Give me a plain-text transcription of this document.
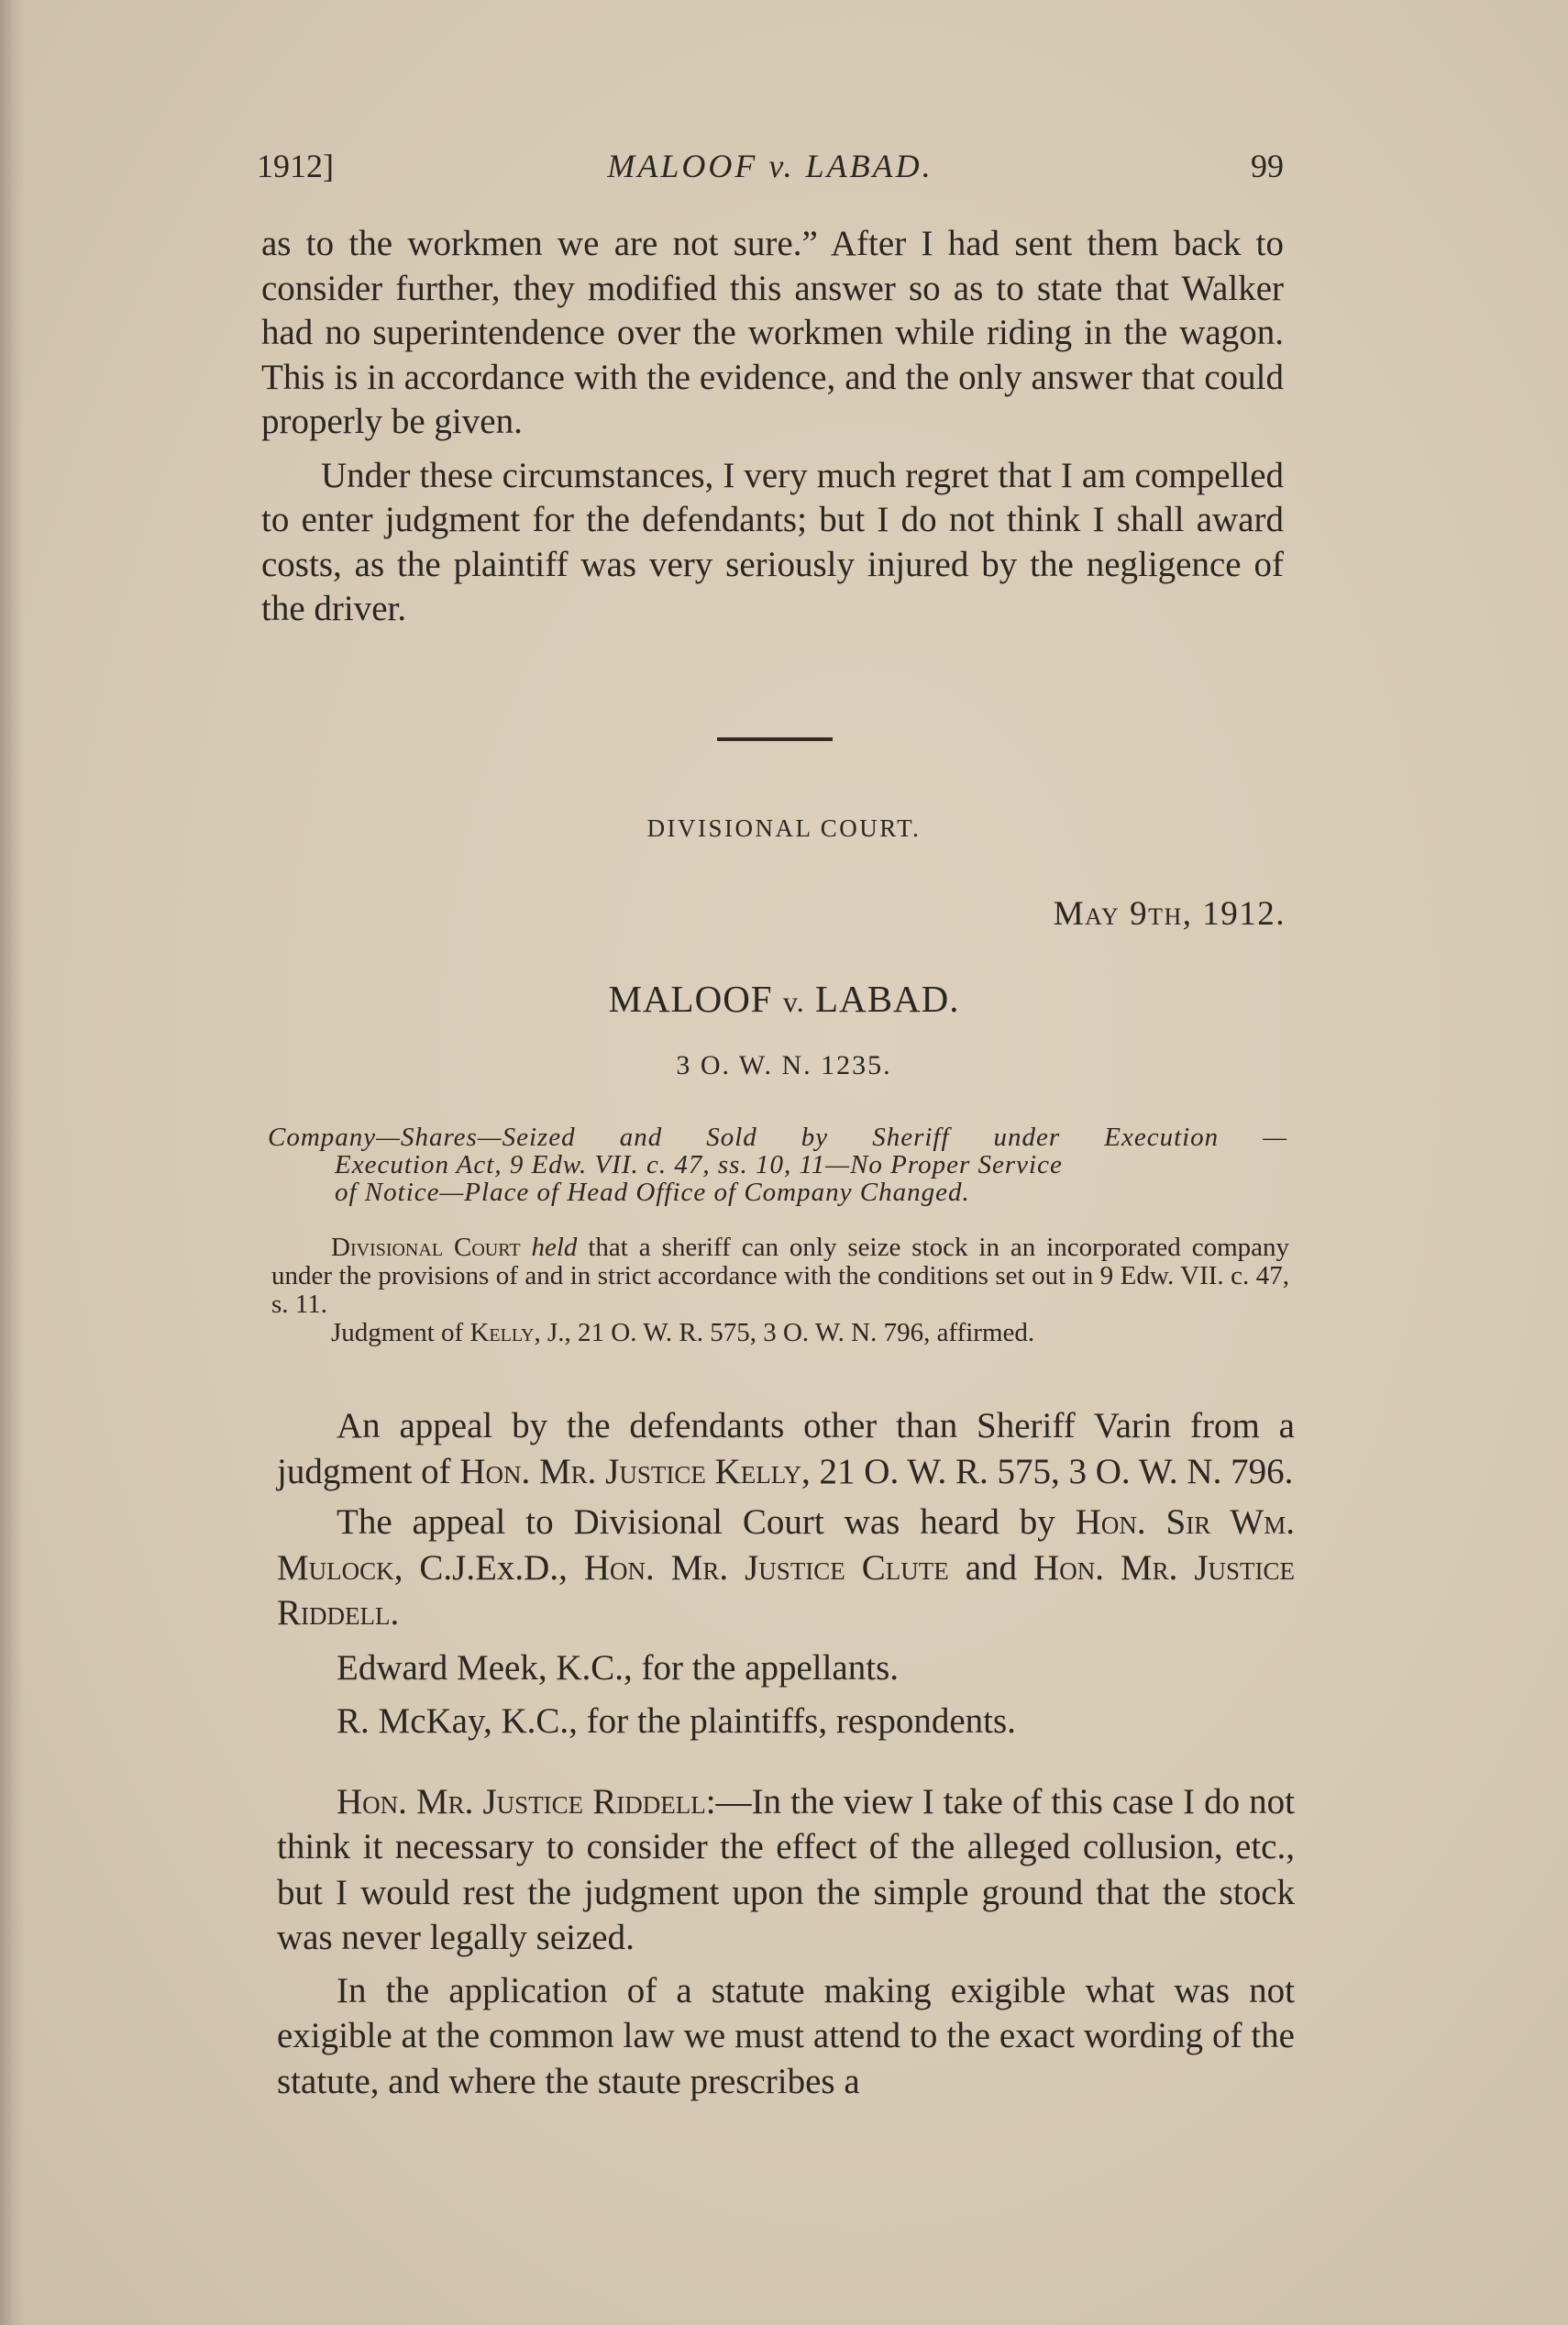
1912]	MALOOF v. LABAD.	99

as to the workmen we are not sure.” After I had sent them back to consider further, they modified this answer so as to state that Walker had no superintendence over the workmen while riding in the wagon. This is in accordance with the evidence, and the only answer that could properly be given.

Under these circumstances, I very much regret that I am compelled to enter judgment for the defendants; but I do not think I shall award costs, as the plaintiff was very seriously injured by the negligence of the driver.

DIVISIONAL COURT.
May 9th, 1912.
MALOOF v. LABAD.
3 O. W. N. 1235.
Company—Shares—Seized and Sold by Sheriff under Execution —
Execution Act, 9 Edw. VII. c. 47, ss. 10, 11—No Proper Service
of Notice—Place of Head Office of Company Changed.

Divisional Court held that a sheriff can only seize stock in an incorporated company under the provisions of and in strict accordance with the conditions set out in 9 Edw. VII. c. 47, s. 11.

Judgment of Kelly, J., 21 O. W. R. 575, 3 O. W. N. 796, affirmed.

An appeal by the defendants other than Sheriff Varin from a judgment of Hon. Mr. Justice Kelly, 21 O. W. R. 575, 3 O. W. N. 796.

The appeal to Divisional Court was heard by Hon. Sir Wm. Mulock, C.J.Ex.D., Hon. Mr. Justice Clute and Hon. Mr. Justice Riddell.

Edward Meek, K.C., for the appellants.

R. McKay, K.C., for the plaintiffs, respondents.

Hon. Mr. Justice Riddell:—In the view I take of this case I do not think it necessary to consider the effect of the alleged collusion, etc., but I would rest the judgment upon the simple ground that the stock was never legally seized.

In the application of a statute making exigible what was not exigible at the common law we must attend to the exact wording of the statute, and where the staute prescribes a
